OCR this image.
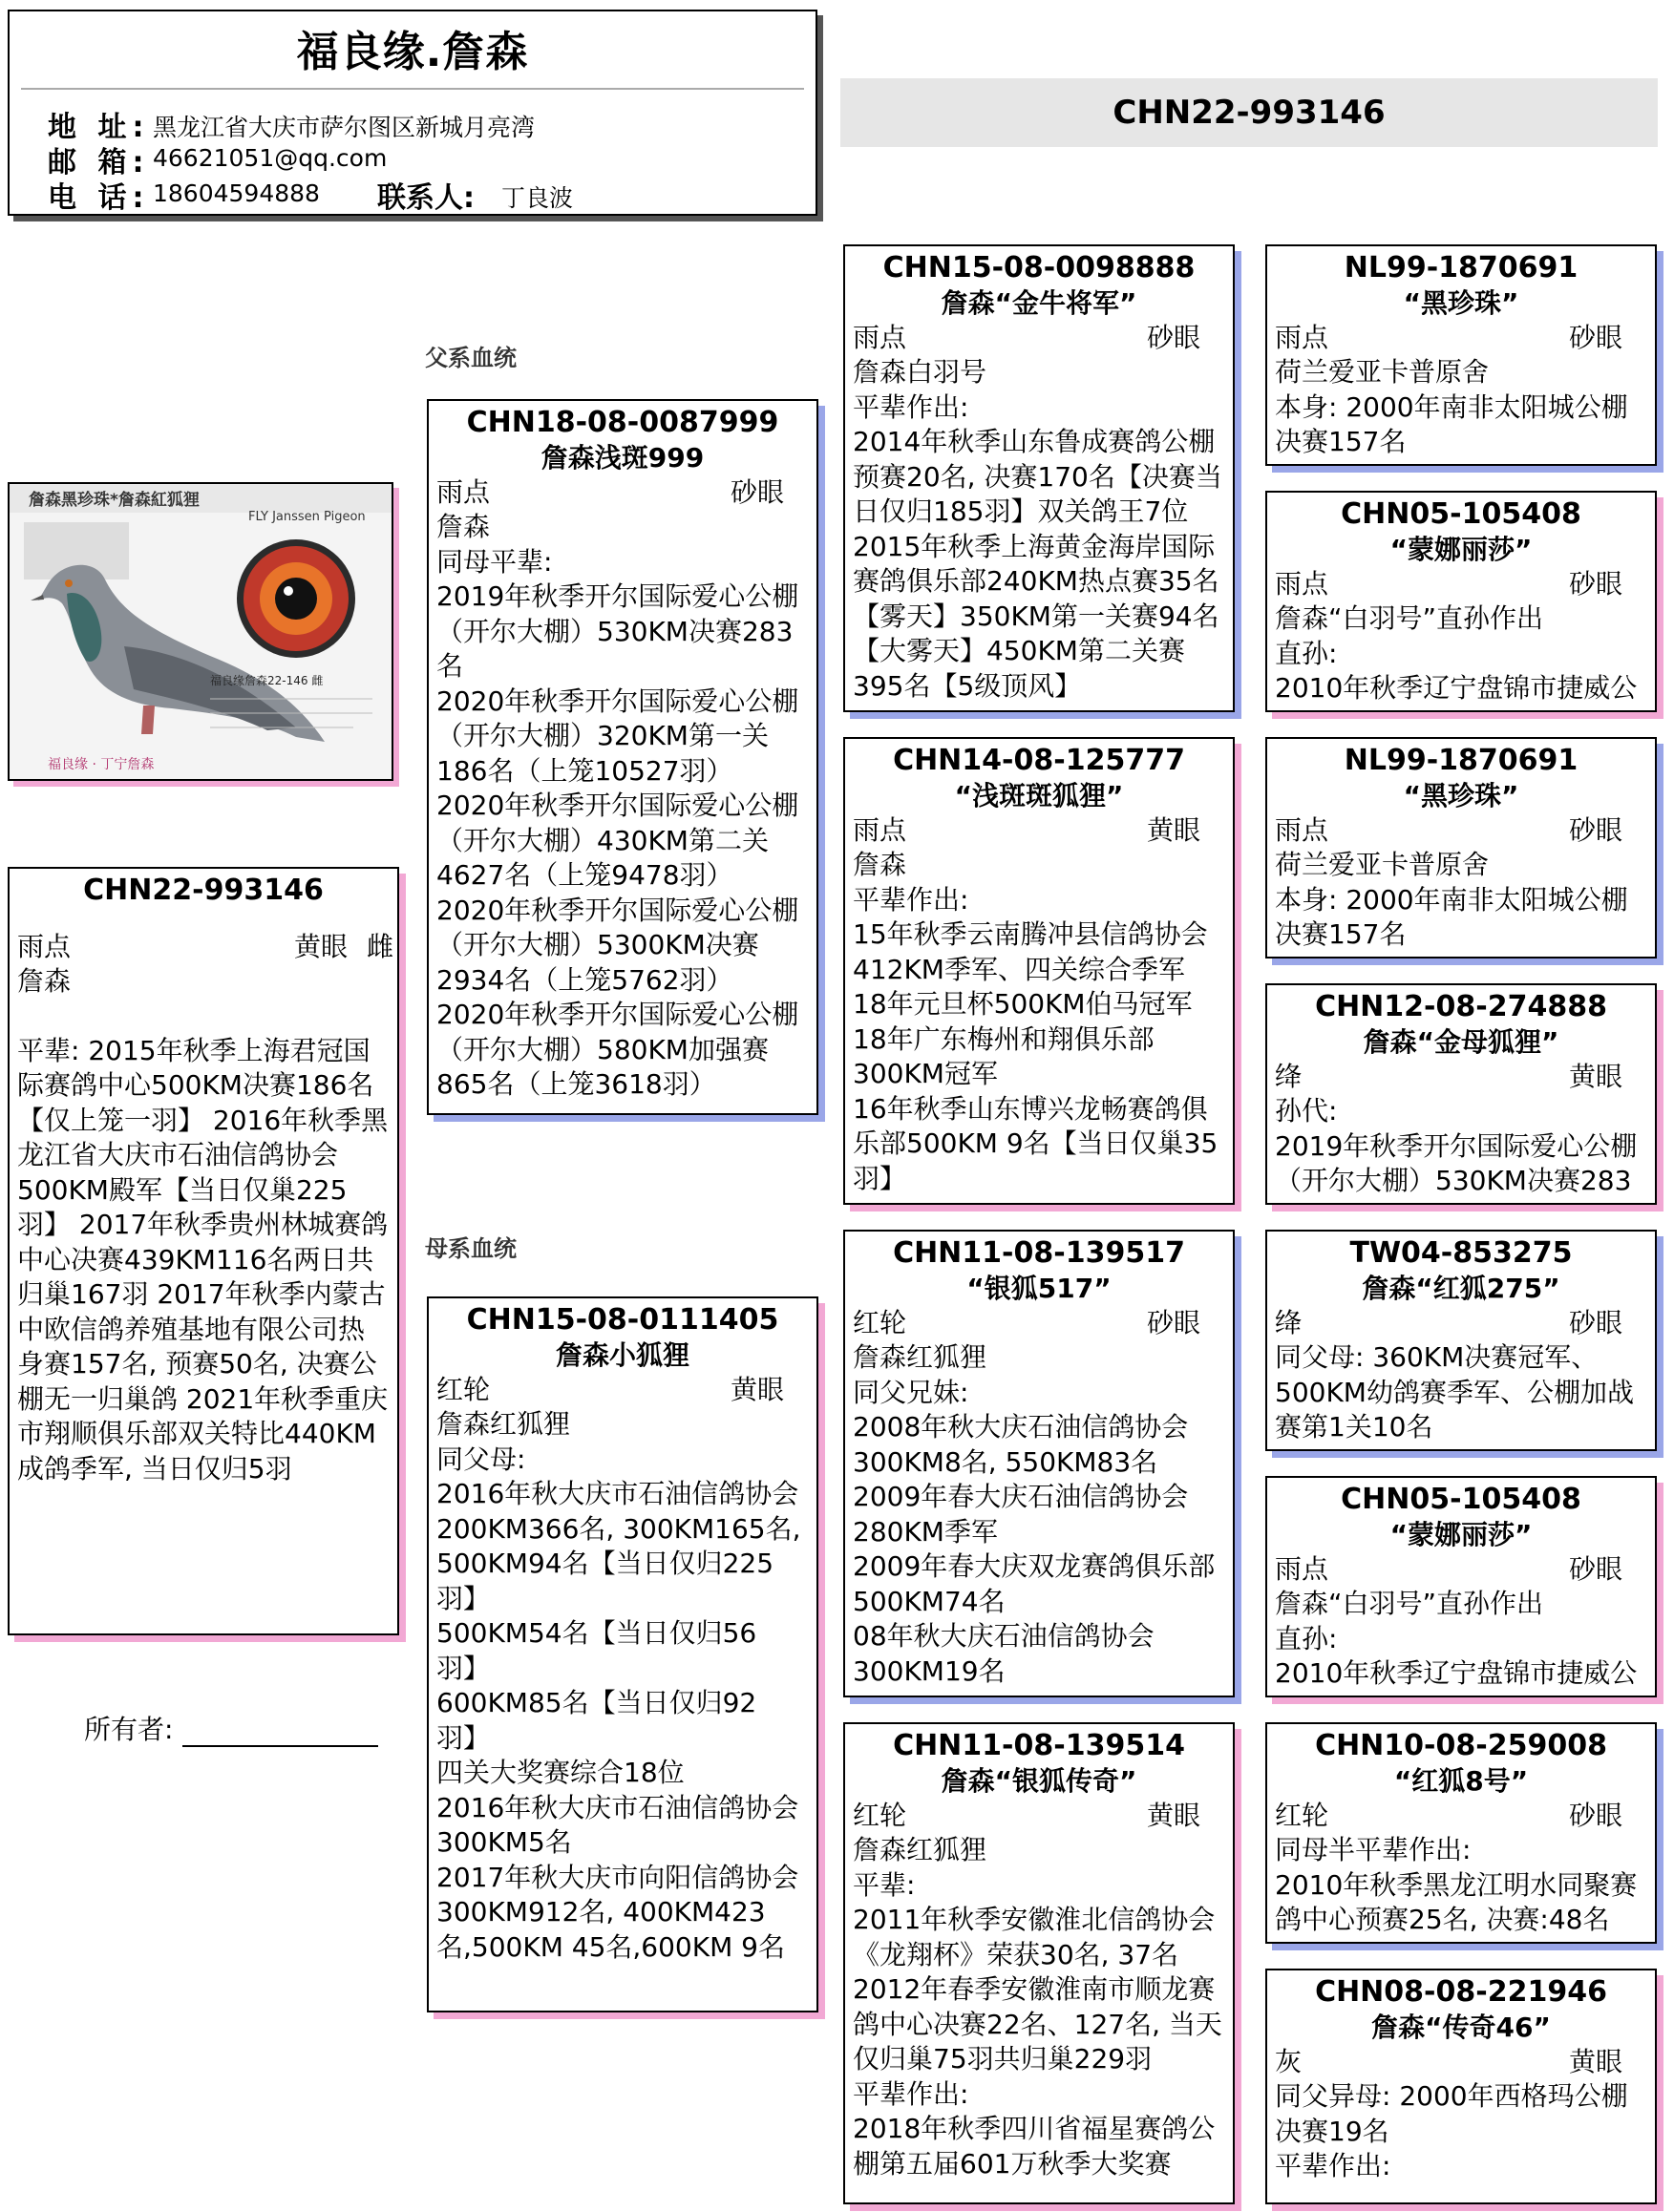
福良缘.詹森
地 址: 黑龙江省大庆市萨尔图区新城月亮湾
邮 箱: 46621051@qq.com
电 话: 18604594888 联系人: 丁良波
CHN22-993146
父系血统
母系血统
詹森黑珍珠*詹森紅狐狸
FLY Janssen Pigeon
福良缘詹森22-146 雌
福良缘 · 丁宁詹森
CHN22-993146
雨点	黄眼 雌
詹森
平辈: 2015年秋季上海君冠国际赛鸽中心500KM决赛186名【仅上笼一羽】 2016年秋季黑龙江省大庆市石油信鸽协会500KM殿军【当日仅巢225羽】 2017年秋季贵州林城赛鸽中心决赛439KM116名两日共归巢167羽 2017年秋季内蒙古中欧信鸽养殖基地有限公司热身赛157名, 预赛50名, 决赛公棚无一归巢鸽 2021年秋季重庆市翔顺俱乐部双关特比440KM成鸽季军, 当日仅归5羽
所有者:
CHN18-08-0087999
詹森浅斑999
雨点	砂眼
詹森
同母平辈:
2019年秋季开尔国际爱心公棚（开尔大棚）530KM决赛283名
2020年秋季开尔国际爱心公棚（开尔大棚）320KM第一关186名（上笼10527羽）
2020年秋季开尔国际爱心公棚（开尔大棚）430KM第二关4627名（上笼9478羽）
2020年秋季开尔国际爱心公棚（开尔大棚）5300KM决赛2934名（上笼5762羽）
2020年秋季开尔国际爱心公棚（开尔大棚）580KM加强赛865名（上笼3618羽）
CHN15-08-0111405
詹森小狐狸
红轮	黄眼
詹森红狐狸
同父母:
2016年秋大庆市石油信鸽协会200KM366名, 300KM165名, 500KM94名【当日仅归225羽】
500KM54名【当日仅归56羽】
600KM85名【当日仅归92羽】
四关大奖赛综合18位
2016年秋大庆市石油信鸽协会300KM5名
2017年秋大庆市向阳信鸽协会300KM912名, 400KM423名,500KM 45名,600KM 9名
CHN15-08-0098888
詹森“金牛将军”
雨点	砂眼
詹森白羽号
平辈作出:
2014年秋季山东鲁成赛鸽公棚预赛20名, 决赛170名【决赛当日仅归185羽】双关鸽王7位
2015年秋季上海黄金海岸国际赛鸽俱乐部240KM热点赛35名【雾天】350KM第一关赛94名【大雾天】450KM第二关赛395名【5级顶风】
CHN14-08-125777
“浅斑斑狐狸”
雨点	黄眼
詹森
平辈作出:
15年秋季云南腾冲县信鸽协会412KM季军、四关综合季军
18年元旦杯500KM伯马冠军
18年广东梅州和翔俱乐部300KM冠军
16年秋季山东博兴龙畅赛鸽俱乐部500KM 9名【当日仅巢35羽】
CHN11-08-139517
“银狐517”
红轮	砂眼
詹森红狐狸
同父兄妹:
2008年秋大庆石油信鸽协会300KM8名, 550KM83名
2009年春大庆石油信鸽协会280KM季军
2009年春大庆双龙赛鸽俱乐部500KM74名
08年秋大庆石油信鸽协会300KM19名
CHN11-08-139514
詹森“银狐传奇”
红轮	黄眼
詹森红狐狸
平辈:
2011年秋季安徽淮北信鸽协会《龙翔杯》荣获30名, 37名
2012年春季安徽淮南市顺龙赛鸽中心决赛22名、127名, 当天仅归巢75羽共归巢229羽
平辈作出:
2018年秋季四川省福星赛鸽公棚第五届601万秋季大奖赛
NL99-1870691
“黑珍珠”
雨点	砂眼
荷兰爱亚卡普原舍
本身: 2000年南非太阳城公棚决赛157名
CHN05-105408
“蒙娜丽莎”
雨点	砂眼
詹森“白羽号”直孙作出
直孙:
2010年秋季辽宁盘锦市捷威公
NL99-1870691
“黑珍珠”
雨点	砂眼
荷兰爱亚卡普原舍
本身: 2000年南非太阳城公棚决赛157名
CHN12-08-274888
詹森“金母狐狸”
绛	黄眼
孙代:
2019年秋季开尔国际爱心公棚（开尔大棚）530KM决赛283
TW04-853275
詹森“红狐275”
绛	砂眼
同父母: 360KM决赛冠军、500KM幼鸽赛季军、公棚加战赛第1关10名
CHN05-105408
“蒙娜丽莎”
雨点	砂眼
詹森“白羽号”直孙作出
直孙:
2010年秋季辽宁盘锦市捷威公
CHN10-08-259008
“红狐8号”
红轮	砂眼
同母半平辈作出:
2010年秋季黑龙江明水同聚赛鸽中心预赛25名, 决赛:48名
CHN08-08-221946
詹森“传奇46”
灰	黄眼
同父异母: 2000年西格玛公棚决赛19名
平辈作出:
